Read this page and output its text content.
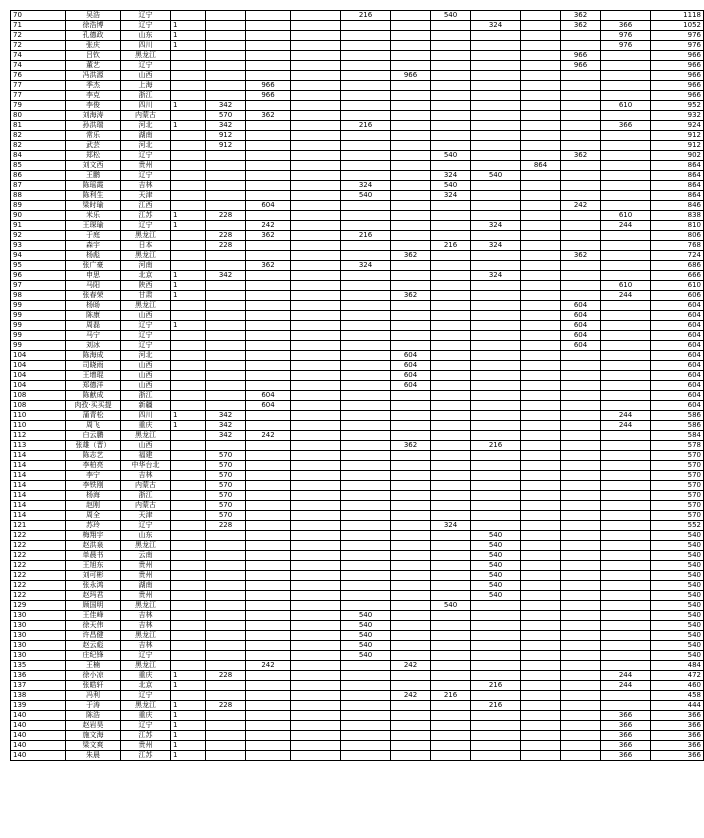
70	吴浩	辽宁					216		540			362		1118
71	徐浩博	辽宁	1							324		362	366	1052
72	孔德政	山东	1										976	976
72	张庆	四川	1										976	976
74	吕钦	黑龙江										966		966
74	董艺	辽宁										966		966
76	冯洪源	山西						966						966
77	季杰	上海			966									966
77	李克	浙江			966									966
79	李俊	四川	1	342									610	952
80	刘海涛	内蒙古		570	362									932
81	孙洪瑞	河北	1	342			216						366	924
82	常乐	湖南		912										912
82	武芸	河北		912										912
84	郑松	辽宁							540			362		902
85	刘文西	贵州									864			864
86	王鹏	辽宁							324	540				864
87	陈瑶霞	吉林					324		540					864
88	陈利生	天津					540		324					864
89	梁时瑜	江西			604							242		846
90	米乐	江苏	1	228									610	838
91	王琛瑜	辽宁	1		242					324			244	810
92	于庭	黑龙江		228	362		216							806
93	森宇	日本		228					216	324				768
94	杨彪	黑龙江						362				362		724
95	张广豪	河南			362		324							686
96	申思	北京	1	342						324				666
97	马阳	陕西	1										610	610
98	张春荣	甘肃	1					362					244	606
99	杨旸	黑龙江										604		604
99	陈康	山西										604		604
99	周磊	辽宁	1									604		604
99	马宁	辽宁										604		604
99	刘冰	辽宁										604		604
104	陈海成	河北						604						604
104	司晓雨	山西						604						604
104	王增琨	山西						604						604
104	郑德洋	山西						604						604
108	陈献成	浙江			604									604
108	肉孜·买买提	新疆			604									604
110	蒲青松	四川	1	342									244	586
110	周飞	重庆	1	342									244	586
112	白云鹏	黑龙江		342	242									584
113	张雄（晋）	山西						362		216				578
114	陈志艺	福建		570										570
114	李柏亮	中华台北		570										570
114	李宁	吉林		570										570
114	李铁刚	内蒙古		570										570
114	杨海	浙江		570										570
114	赵刚	内蒙古		570										570
114	周全	天津		570										570
121	苏玲	辽宁		228					324					552
122	梅翔宇	山东								540				540
122	赵洪泉	黑龙江								540				540
122	单晨书	云南								540				540
122	王旭东	贵州								540				540
122	刘可彬	贵州								540				540
122	张永鸿	湖南								540				540
122	赵玛君	贵州								540				540
129	顾国明	黑龙江							540					540
130	王佳峰	吉林					540							540
130	徐天伟	吉林					540							540
130	许昌健	黑龙江					540							540
130	赵云彪	吉林					540							540
130	庄纪锋	辽宁					540							540
135	王楠	黑龙江			242			242						484
136	徐小凉	重庆	1	228									244	472
137	张皓轩	北京	1							216			244	460
138	冯利	辽宁						242	216					458
139	于涛	黑龙江	1	228						216				444
140	陈浩	重庆	1										366	366
140	赵岩昊	辽宁	1										366	366
140	施文海	江苏	1										366	366
140	梁文爽	贵州	1										366	366
140	朱晨	江苏	1										366	366
